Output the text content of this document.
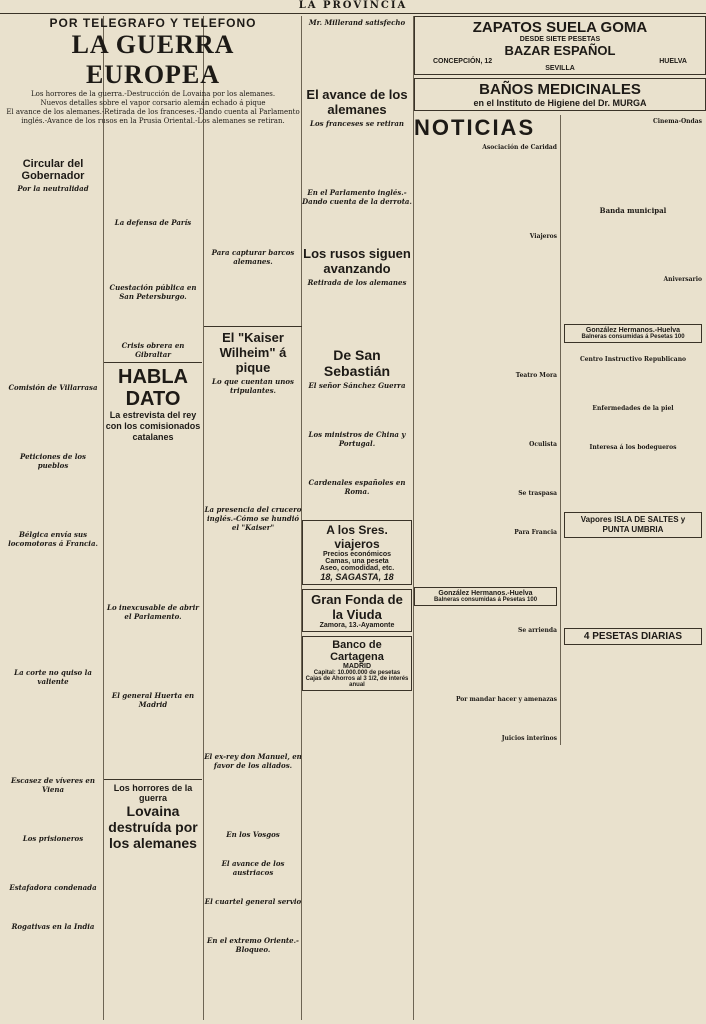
LA PROVINCIA
POR TELEGRAFO Y TELEFONO
LA GUERRA EUROPEA
Los horrores de la guerra.-Destrucción de Lovaina por los alemanes.
Nuevos detalles sobre el vapor corsario alemán echado á pique
El avance de los alemanes.-Retirada de los franceses.-Dando cuenta al Parlamento inglés.-Avance de los rusos en la Prusia Oriental.-Los alemanes se retiran.
Circular del Gobernador
Por la neutralidad
Comisión de Villarrasa
Peticiones de los pueblos
Bélgica envía sus locomotoras á Francia.
La corte no quiso la valiente
Escasez de víveres en Viena
Los prisioneros
Estafadora condenada
Rogativas en la India
La defensa de París
Cuestación pública en San Petersburgo.
Crisis obrera en Gibraltar
HABLA DATO
La estrevista del rey con los comisionados catalanes
Lo inexcusable de abrir el Parlamento.
El general Huerta en Madrid
Los horrores de la guerra
Lovaina destruída por los alemanes
Para capturar barcos alemanes.
El "Kaiser Wilheim" á pique
Lo que cuentan unos tripulantes.
La presencia del crucero inglés.-Cómo se hundió el "Kaiser"
El ex-rey don Manuel, en favor de los aliados.
En los Vosgos
El avance de los austriacos
El cuartel general servio
En el extremo Oriente.-Bloqueo.
Mr. Millerand satisfecho
El avance de los alemanes
Los franceses se retiran
En el Parlamento inglés.-Dando cuenta de la derrota.
Los rusos siguen avanzando
Retirada de los alemanes
De San Sebastián
El señor Sánchez Guerra
Los ministros de China y Portugal.
Cardenales españoles en Roma.
A los Sres. viajeros
Precios económicos
Camas, una peseta
Aseo, comodidad, etc.
18, SAGASTA, 18
Gran Fonda de la Viuda
Zamora, 13.-Ayamonte
Banco de Cartagena
MADRID
Capital: 10.000.000 de pesetas
Cajas de Ahorros al 3 1/2, de interés anual
ZAPATOS SUELA GOMA
DESDE SIETE PESETAS
BAZAR ESPAÑOL
CONCEPCIÓN, 12	HUELVA
SEVILLA
BAÑOS MEDICINALES
en el Instituto de Higiene del Dr. MURGA
NOTICIAS
Asociación de Caridad
Viajeros
Teatro Mora
Oculista
Se traspasa
Para Francia
González Hermanos.-Huelva
Balneras consumidas á Pesetas 100
Se arrienda
Por mandar hacer y amenazas
Juicios interinos
Cinema-Ondas
Banda municipal
Aniversario
González Hermanos.-Huelva
Balneras consumidas á Pesetas 100
Centro Instructivo Republicano
Enfermedades de la piel
Interesa á los bodegueros
Vapores ISLA DE SALTES y PUNTA UMBRIA
4 PESETAS DIARIAS
